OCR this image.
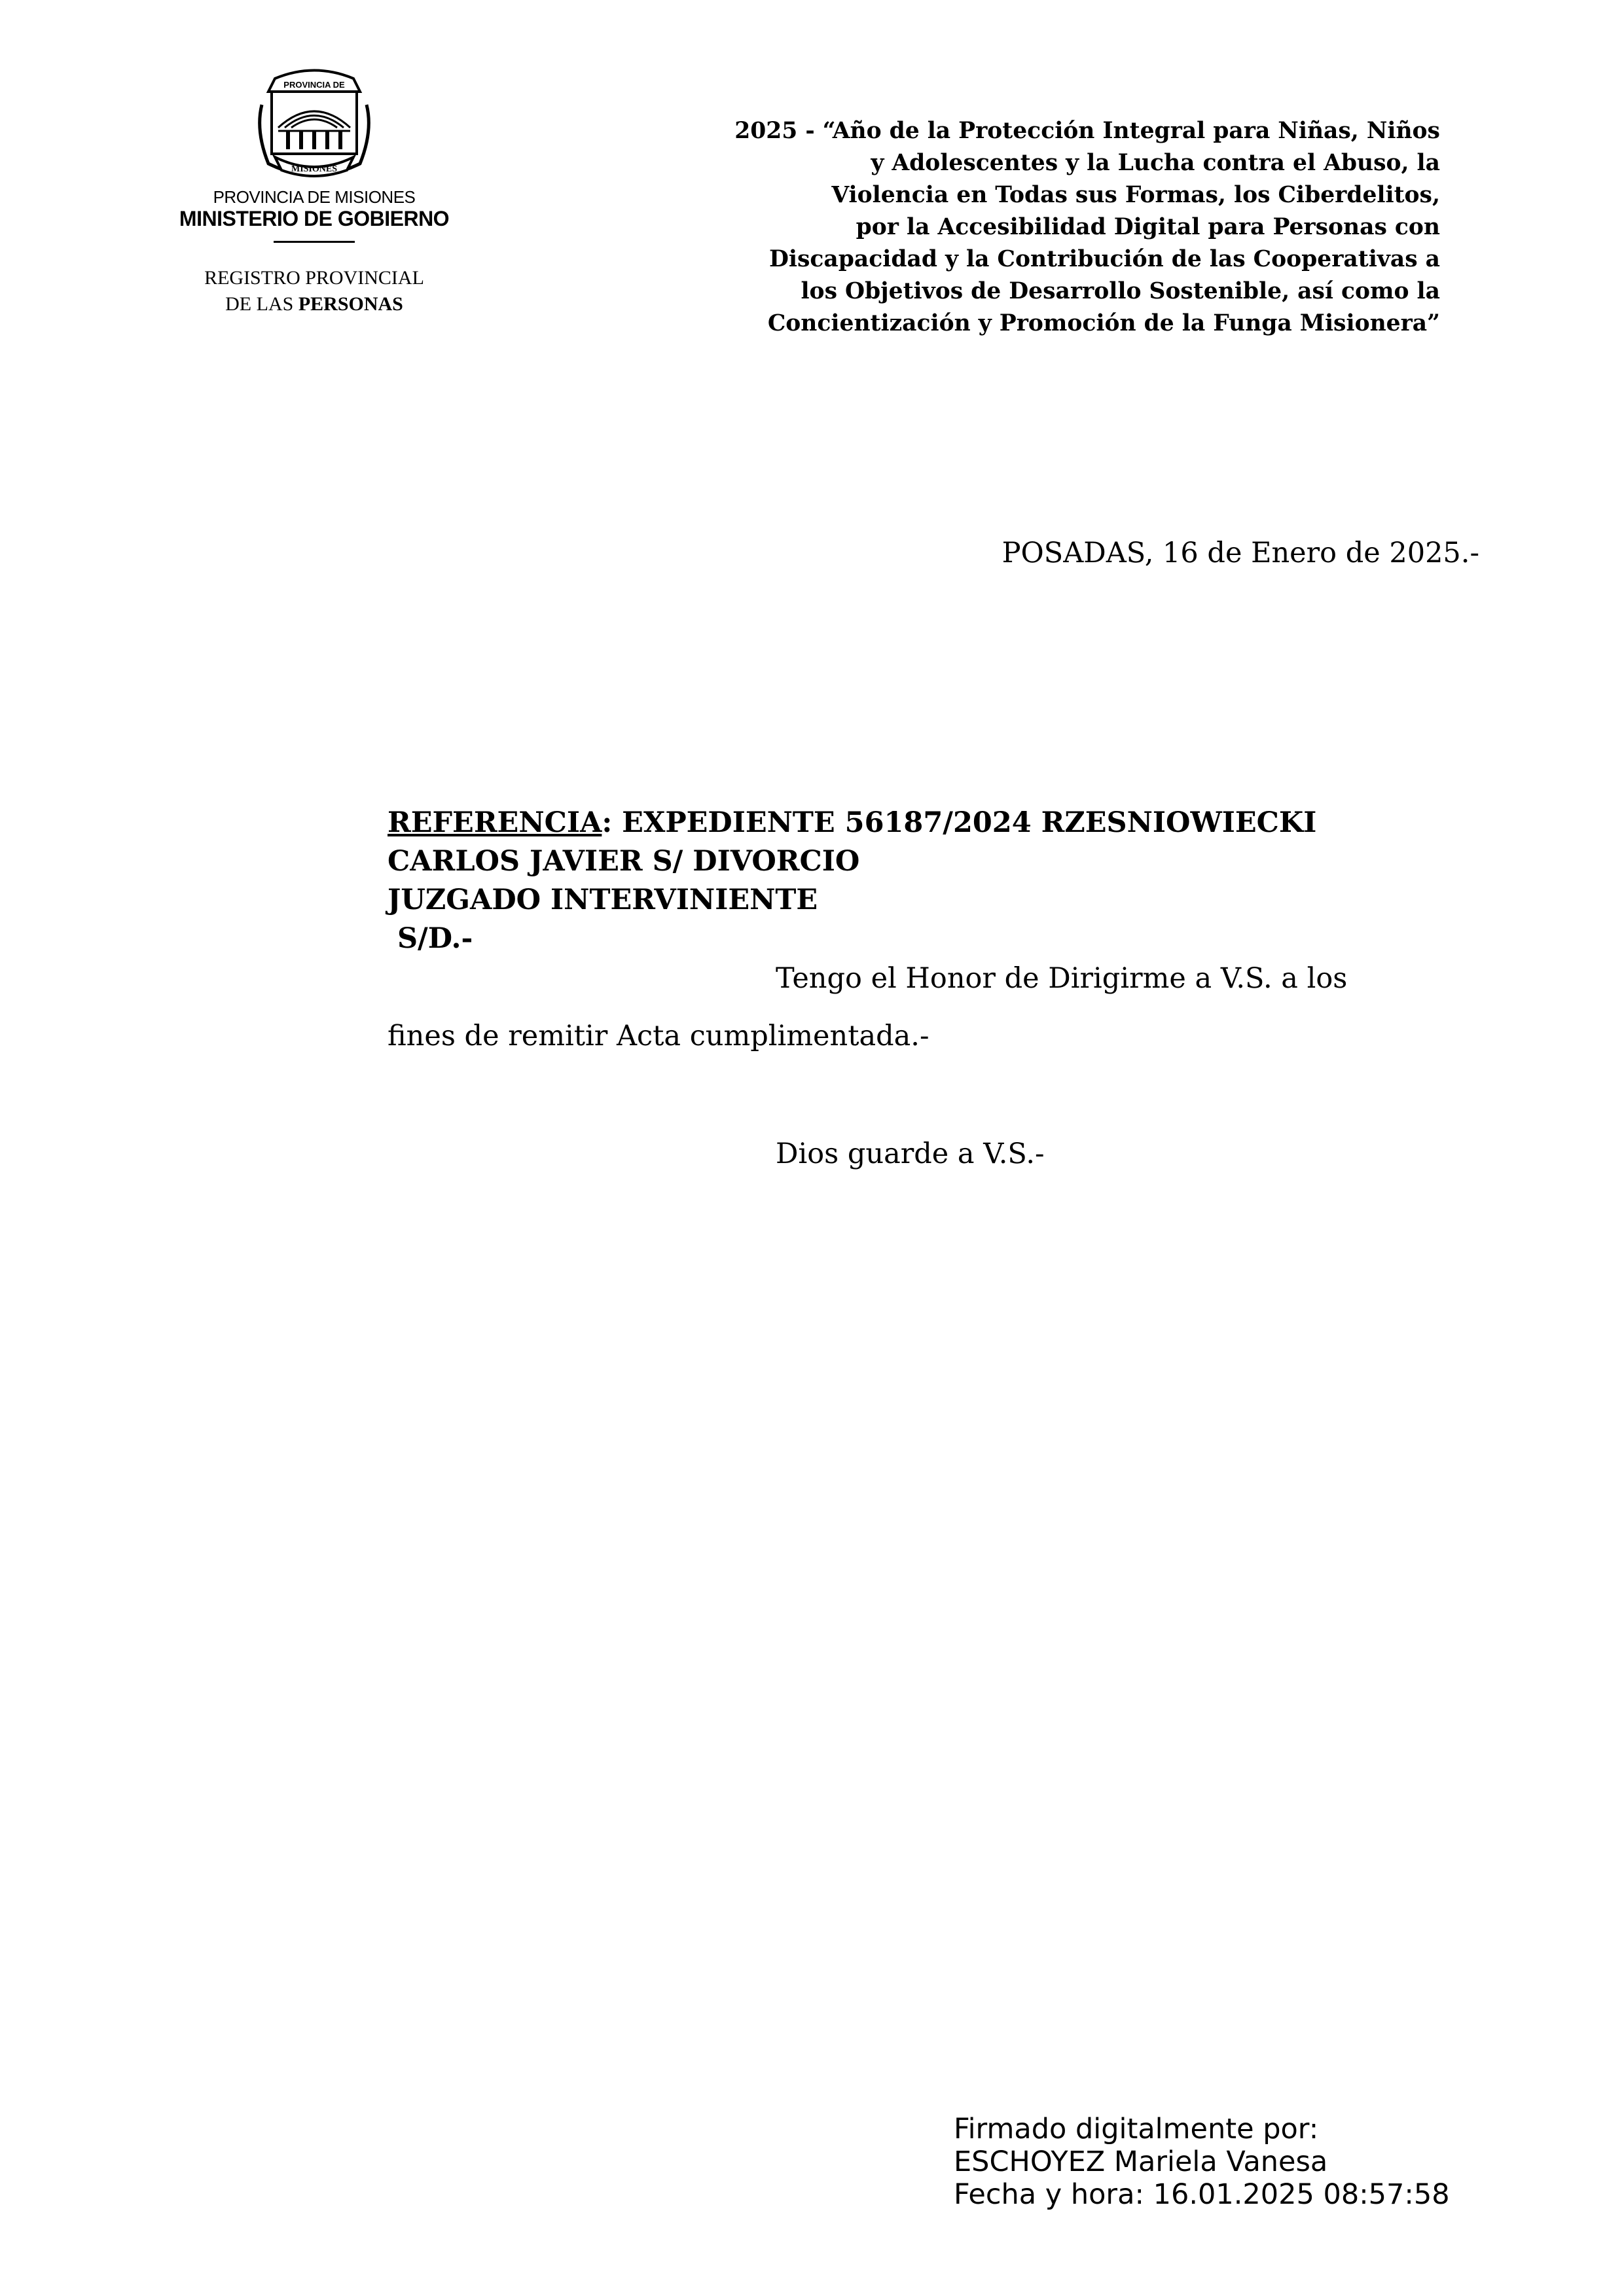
PROVINCIA DE
MISIONES
PROVINCIA DE MISIONES
MINISTERIO DE GOBIERNO
REGISTRO PROVINCIAL
DE LAS PERSONAS
2025 - “Año de la Protección Integral para Niñas, Niños
y Adolescentes y la Lucha contra el Abuso, la
Violencia en Todas sus Formas, los Ciberdelitos,
por la Accesibilidad Digital para Personas con
Discapacidad y la Contribución de las Cooperativas a
los Objetivos de Desarrollo Sostenible, así como la
Concientización y Promoción de la Funga Misionera”
POSADAS, 16 de Enero de 2025.-
REFERENCIA: EXPEDIENTE 56187/2024 RZESNIOWIECKI
CARLOS JAVIER S/ DIVORCIO
JUZGADO INTERVINIENTE
S/D.-
Tengo el Honor de Dirigirme a V.S. a los
fines de remitir Acta cumplimentada.-
Dios guarde a V.S.-
Firmado digitalmente por:
ESCHOYEZ Mariela Vanesa
Fecha y hora: 16.01.2025 08:57:58
